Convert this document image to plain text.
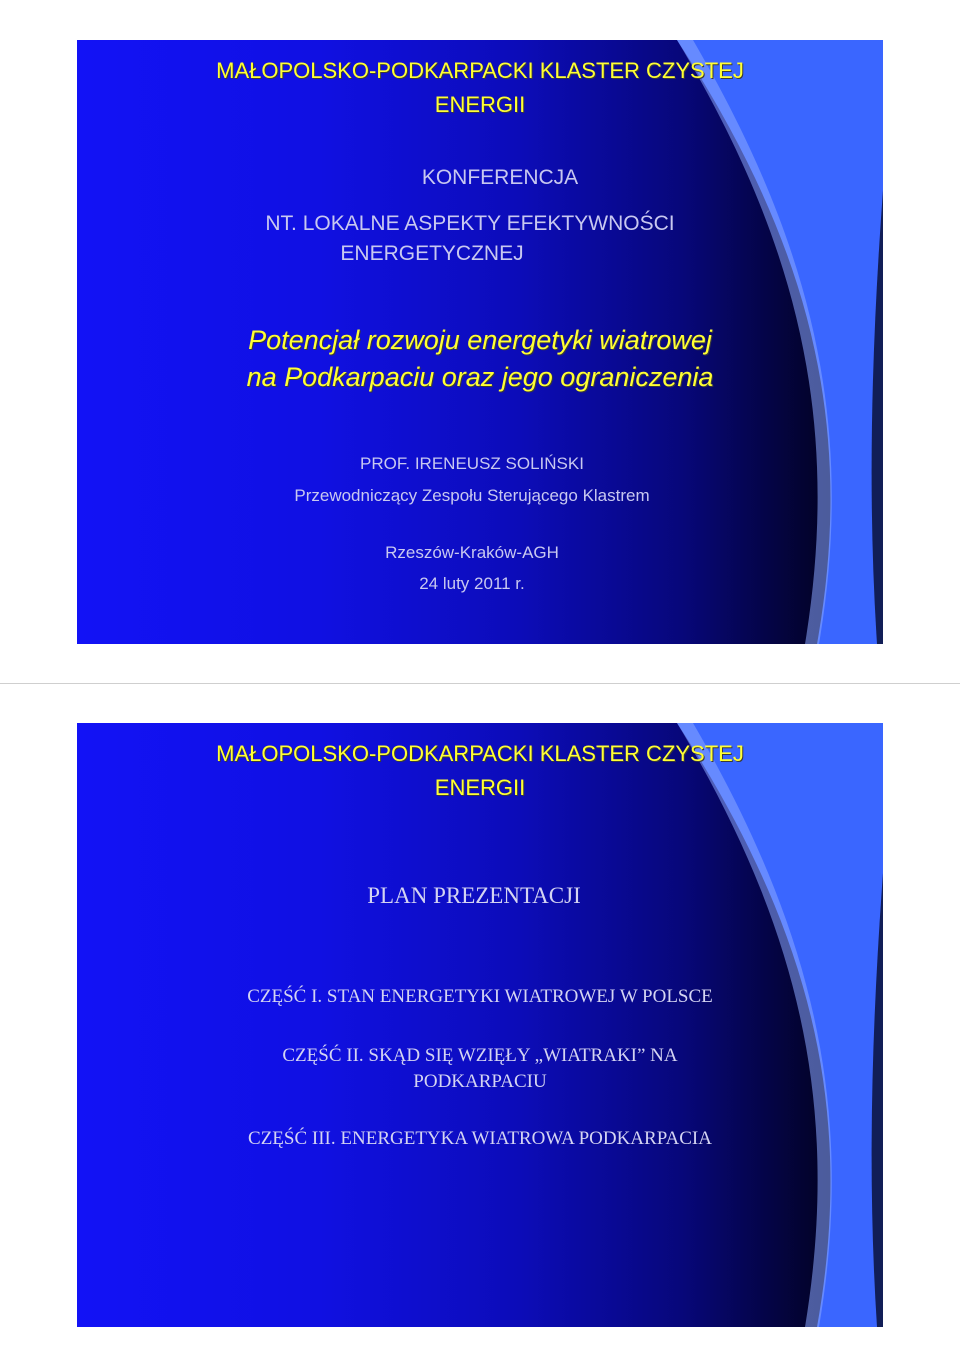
MAŁOPOLSKO-PODKARPACKI KLASTER CZYSTEJ
ENERGII
KONFERENCJA
NT. LOKALNE ASPEKTY EFEKTYWNOŚCI
ENERGETYCZNEJ
Potencjał rozwoju energetyki wiatrowej
na Podkarpaciu oraz jego ograniczenia
PROF. IRENEUSZ SOLIŃSKI
Przewodniczący Zespołu Sterującego Klastrem
Rzeszów-Kraków-AGH
24 luty 2011 r.
MAŁOPOLSKO-PODKARPACKI KLASTER CZYSTEJ
ENERGII
PLAN PREZENTACJI
CZĘŚĆ I. STAN ENERGETYKI WIATROWEJ W POLSCE
CZĘŚĆ II. SKĄD SIĘ WZIĘŁY „WIATRAKI” NA
PODKARPACIU
CZĘŚĆ III. ENERGETYKA WIATROWA PODKARPACIA
